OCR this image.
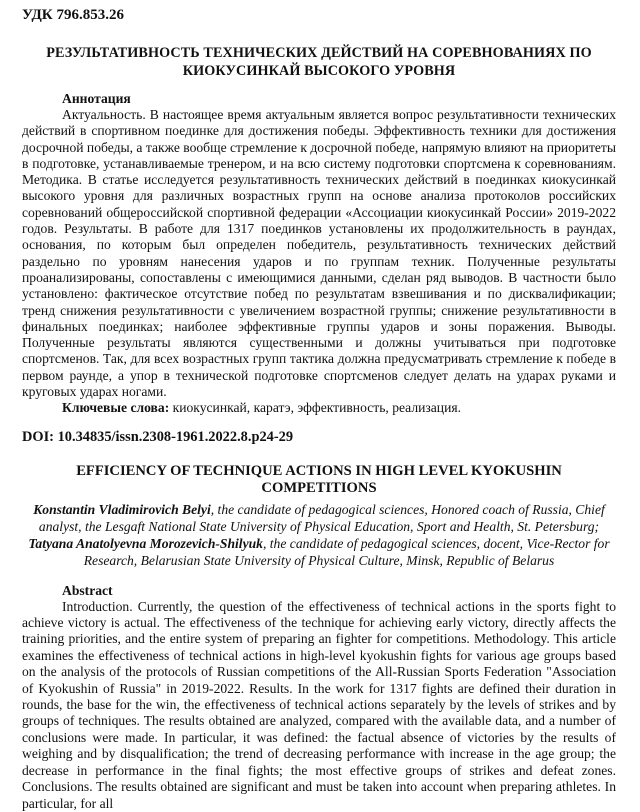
УДК 796.853.26

РЕЗУЛЬТАТИВНОСТЬ ТЕХНИЧЕСКИХ ДЕЙСТВИЙ НА СОРЕВНОВАНИЯХ ПО КИОКУСИНКАЙ ВЫСОКОГО УРОВНЯ

Аннотация

Актуальность. В настоящее время актуальным является вопрос результативности технических действий в спортивном поединке для достижения победы. Эффективность техники для достижения досрочной победы, а также вообще стремление к досрочной победе, напрямую влияют на приоритеты в подготовке, устанавливаемые тренером, и на всю систему подготовки спортсмена к соревнованиям. Методика. В статье исследуется результативность технических действий в поединках киокусинкай высокого уровня для различных возрастных групп на основе анализа протоколов российских соревнований общероссийской спортивной федерации «Ассоциации киокусинкай России» 2019-2022 годов. Результаты. В работе для 1317 поединков установлены их продолжительность в раундах, основания, по которым был определен победитель, результативность технических действий раздельно по уровням нанесения ударов и по группам техник. Полученные результаты проанализированы, сопоставлены с имеющимися данными, сделан ряд выводов. В частности было установлено: фактическое отсутствие побед по результатам взвешивания и по дисквалификации; тренд снижения результативности с увеличением возрастной группы; снижение результативности в финальных поединках; наиболее эффективные группы ударов и зоны поражения. Выводы. Полученные результаты являются существенными и должны учитываться при подготовке спортсменов. Так, для всех возрастных групп тактика должна предусматривать стремление к победе в первом раунде, а упор в технической подготовке спортсменов следует делать на ударах руками и круговых ударах ногами.

Ключевые слова: киокусинкай, каратэ, эффективность, реализация.

DOI: 10.34835/issn.2308-1961.2022.8.p24-29

EFFICIENCY OF TECHNIQUE ACTIONS IN HIGH LEVEL KYOKUSHIN COMPETITIONS

Konstantin Vladimirovich Belyi, the candidate of pedagogical sciences, Honored coach of Russia, Chief analyst, the Lesgaft National State University of Physical Education, Sport and Health, St. Petersburg; Tatyana Anatolyevna Morozevich-Shilyuk, the candidate of pedagogical sciences, docent, Vice-Rector for Research, Belarusian State University of Physical Culture, Minsk, Republic of Belarus

Abstract

Introduction. Currently, the question of the effectiveness of technical actions in the sports fight to achieve victory is actual. The effectiveness of the technique for achieving early victory, directly affects the training priorities, and the entire system of preparing an fighter for competitions. Methodology. This article examines the effectiveness of technical actions in high-level kyokushin fights for various age groups based on the analysis of the protocols of Russian competitions of the All-Russian Sports Federation "Association of Kyokushin of Russia" in 2019-2022. Results. In the work for 1317 fights are defined their duration in rounds, the base for the win, the effectiveness of technical actions separately by the levels of strikes and by groups of techniques. The results obtained are analyzed, compared with the available data, and a number of conclusions were made. In particular, it was defined: the factual absence of victories by the results of weighing and by disqualification; the trend of decreasing performance with increase in the age group; the decrease in performance in the final fights; the most effective groups of strikes and defeat zones. Conclusions. The results obtained are significant and must be taken into account when preparing athletes. In particular, for all
